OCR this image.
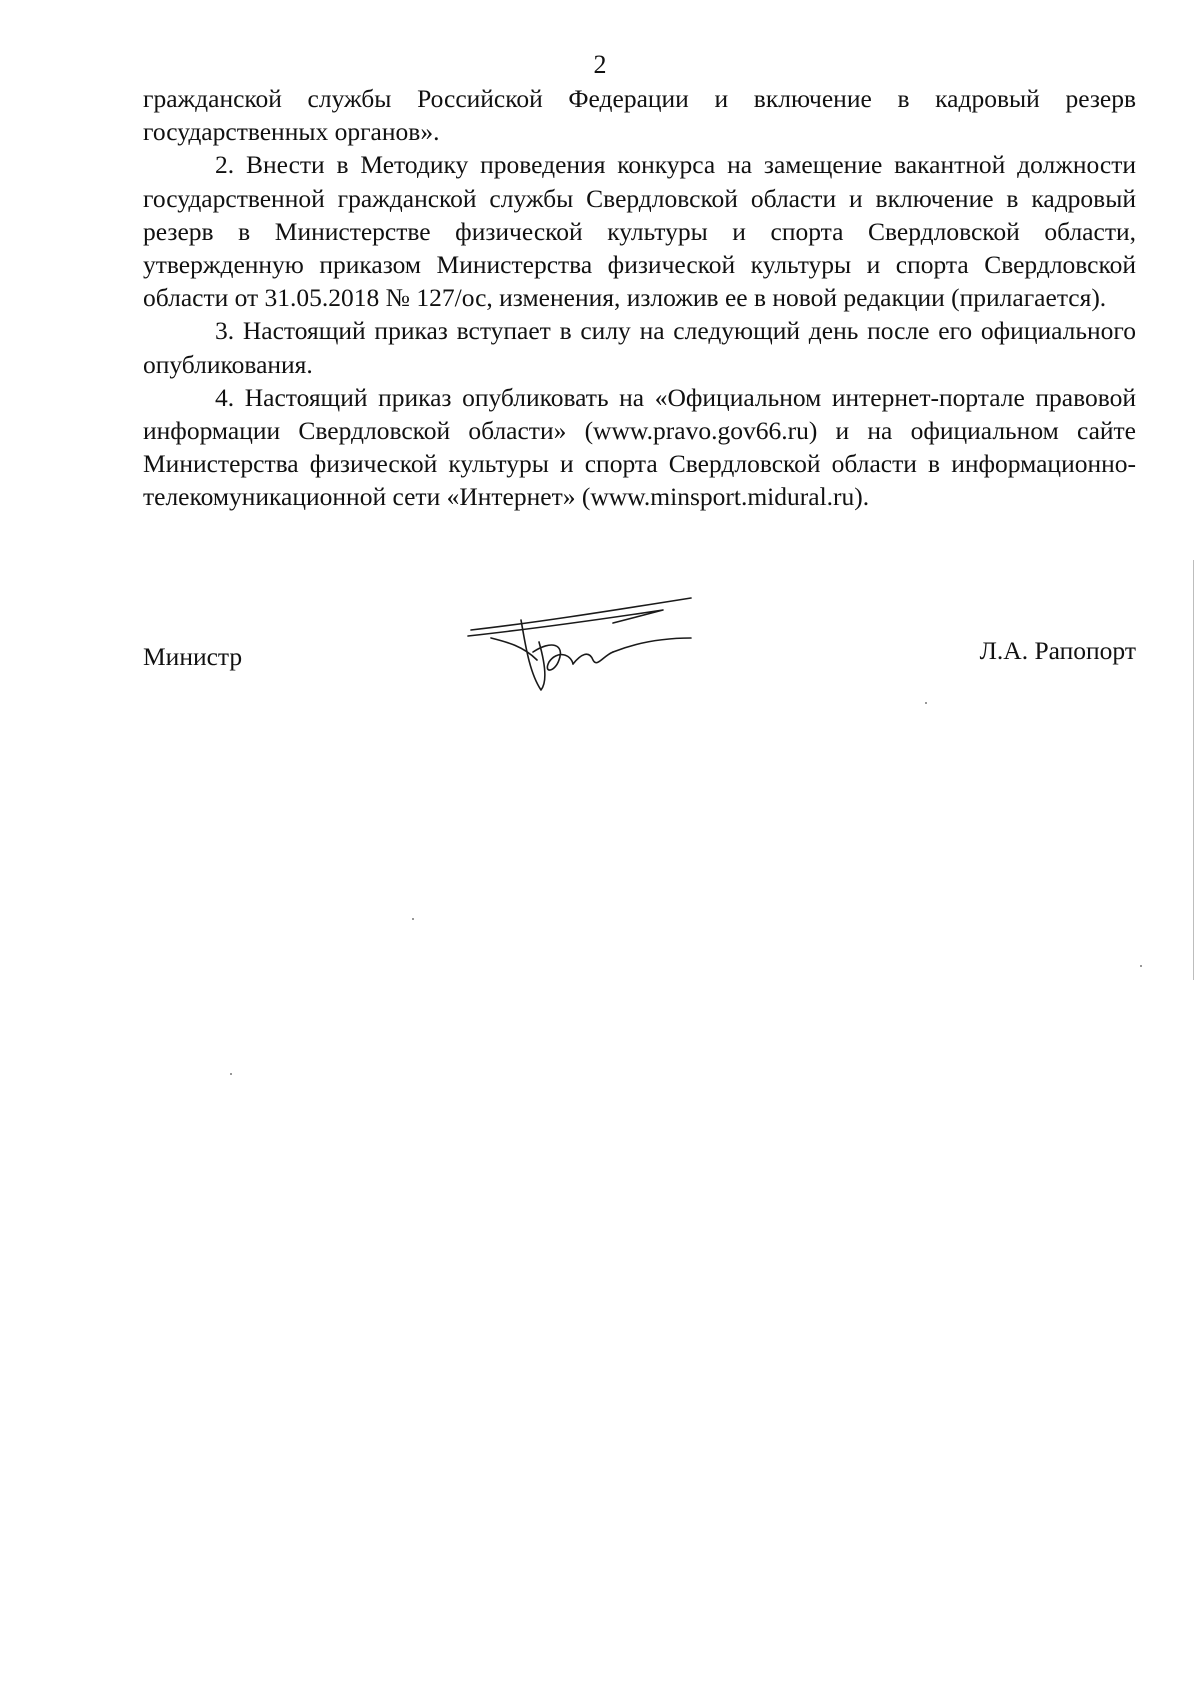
2

гражданской службы Российской Федерации и включение в кадровый резерв государственных органов».

2. Внести в Методику проведения конкурса на замещение вакантной должности государственной гражданской службы Свердловской области и включение в кадровый резерв в Министерстве физической культуры и спорта Свердловской области, утвержденную приказом Министерства физической культуры и спорта Свердловской области от 31.05.2018 № 127/ос, изменения, изложив ее в новой редакции (прилагается).

3. Настоящий приказ вступает в силу на следующий день после его официального опубликования.

4. Настоящий приказ опубликовать на «Официальном интернет-портале правовой информации Свердловской области» (www.pravo.gov66.ru) и на официальном сайте Министерства физической культуры и спорта Свердловской области в информационно-телекомуникационной сети «Интернет» (www.minsport.midural.ru).

Министр	Л.А. Рапопорт
